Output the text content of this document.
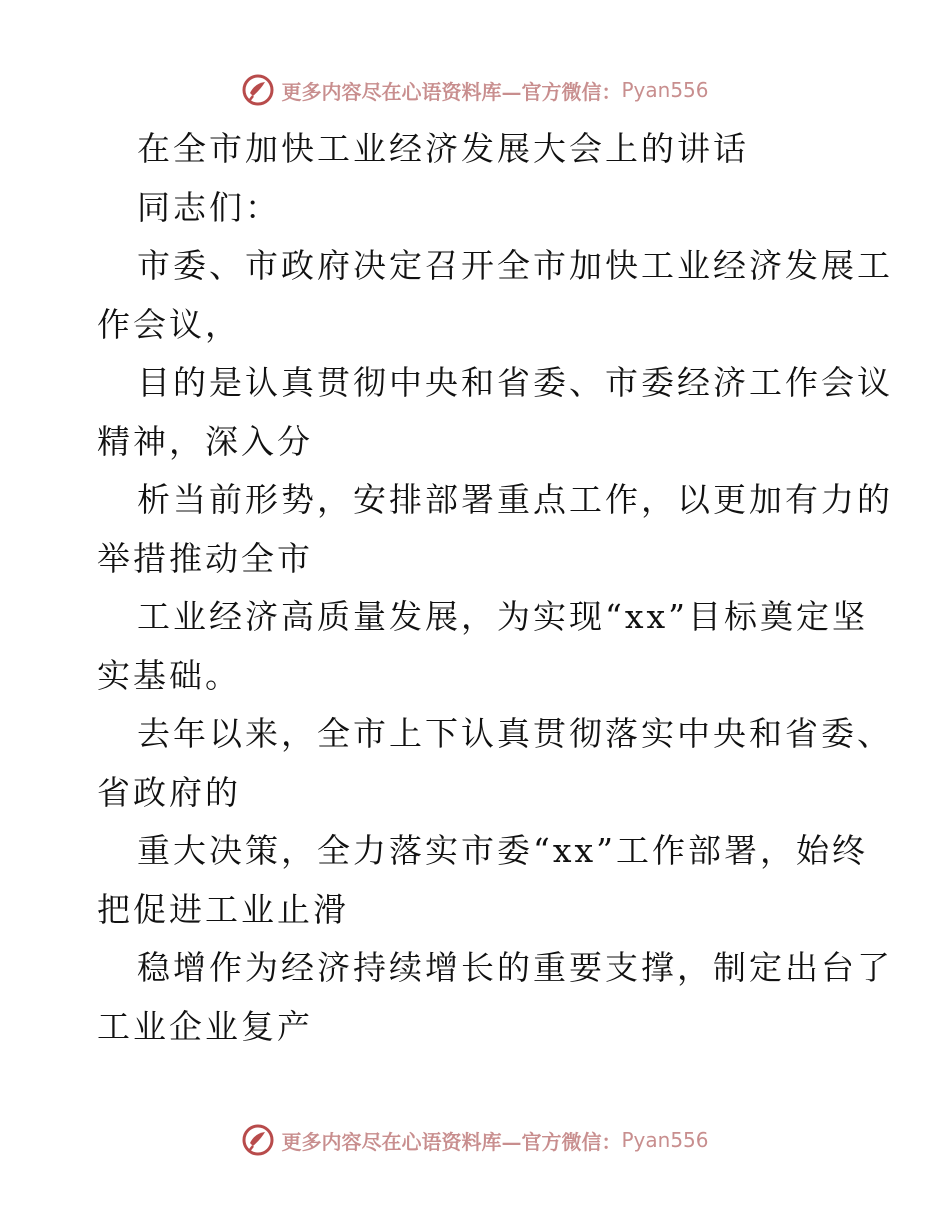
更多内容尽在心语资料库—官方微信： Pyan556
在全市加快工业经济发展大会上的讲话
同志们：
市委、市政府决定召开全市加快工业经济发展工
作会议，
目的是认真贯彻中央和省委、市委经济工作会议
精神，深入分
析当前形势，安排部署重点工作，以更加有力的
举措推动全市
工业经济高质量发展，为实现“xx”目标奠定坚
实基础。
去年以来，全市上下认真贯彻落实中央和省委、
省政府的
重大决策，全力落实市委“xx”工作部署，始终
把促进工业止滑
稳增作为经济持续增长的重要支撑，制定出台了
工业企业复产
更多内容尽在心语资料库—官方微信： Pyan556
